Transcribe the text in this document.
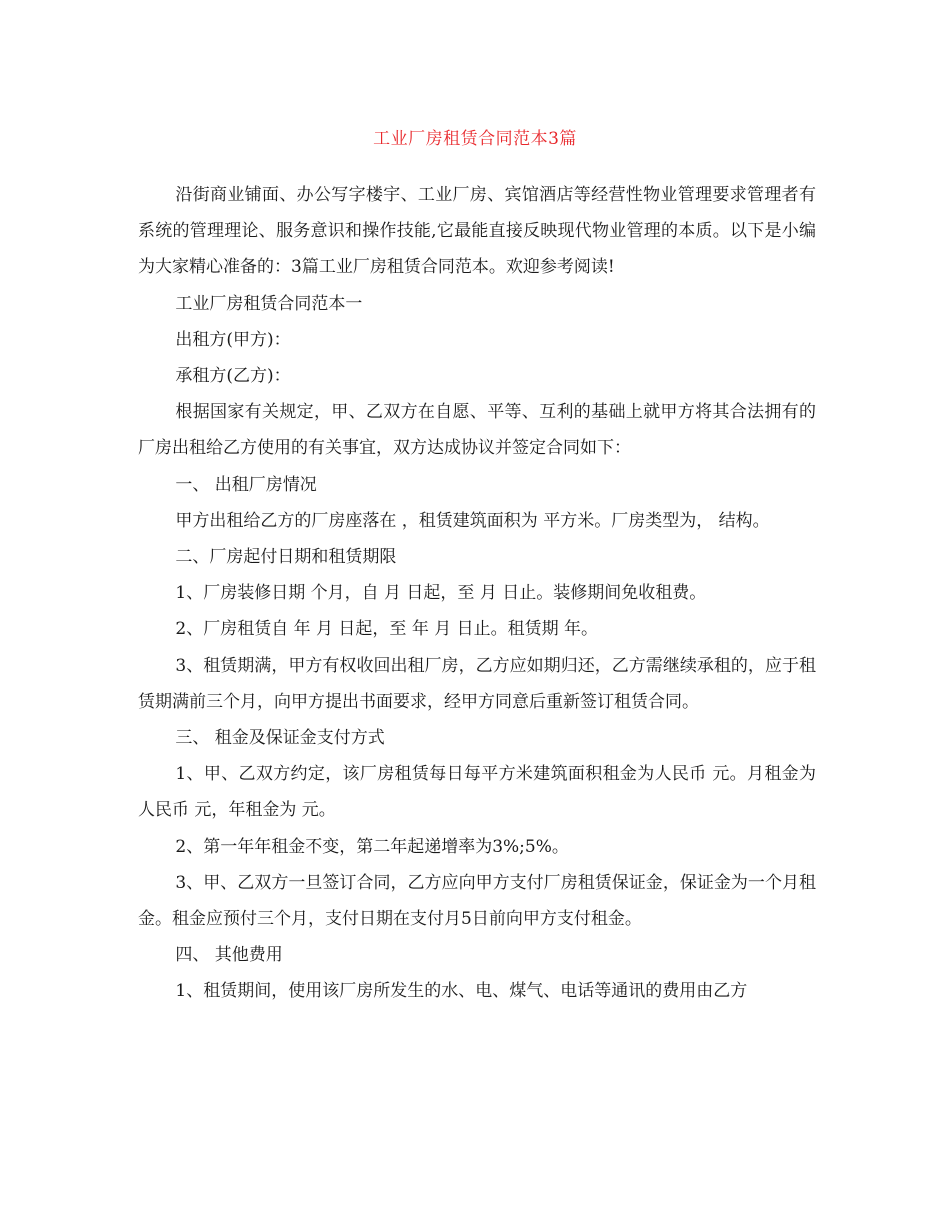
工业厂房租赁合同范本3篇

沿街商业铺面、办公写字楼宇、工业厂房、宾馆酒店等经营性物业管理要求管理者有系统的管理理论、服务意识和操作技能,它最能直接反映现代物业管理的本质。以下是小编为大家精心准备的：3篇工业厂房租赁合同范本。欢迎参考阅读!

工业厂房租赁合同范本一

出租方(甲方)：

承租方(乙方)：

根据国家有关规定，甲、乙双方在自愿、平等、互利的基础上就甲方将其合法拥有的厂房出租给乙方使用的有关事宜，双方达成协议并签定合同如下：

一、 出租厂房情况

甲方出租给乙方的厂房座落在 ，租赁建筑面积为 平方米。厂房类型为， 结构。

二、厂房起付日期和租赁期限

1、厂房装修日期 个月，自 月 日起，至 月 日止。装修期间免收租费。

2、厂房租赁自 年 月 日起，至 年 月 日止。租赁期 年。

3、租赁期满，甲方有权收回出租厂房，乙方应如期归还，乙方需继续承租的，应于租赁期满前三个月，向甲方提出书面要求，经甲方同意后重新签订租赁合同。

三、 租金及保证金支付方式

1、甲、乙双方约定，该厂房租赁每日每平方米建筑面积租金为人民币 元。月租金为人民币 元，年租金为 元。

2、第一年年租金不变，第二年起递增率为3%;5%。

3、甲、乙双方一旦签订合同，乙方应向甲方支付厂房租赁保证金，保证金为一个月租金。租金应预付三个月，支付日期在支付月5日前向甲方支付租金。

四、 其他费用

1、租赁期间，使用该厂房所发生的水、电、煤气、电话等通讯的费用由乙方
